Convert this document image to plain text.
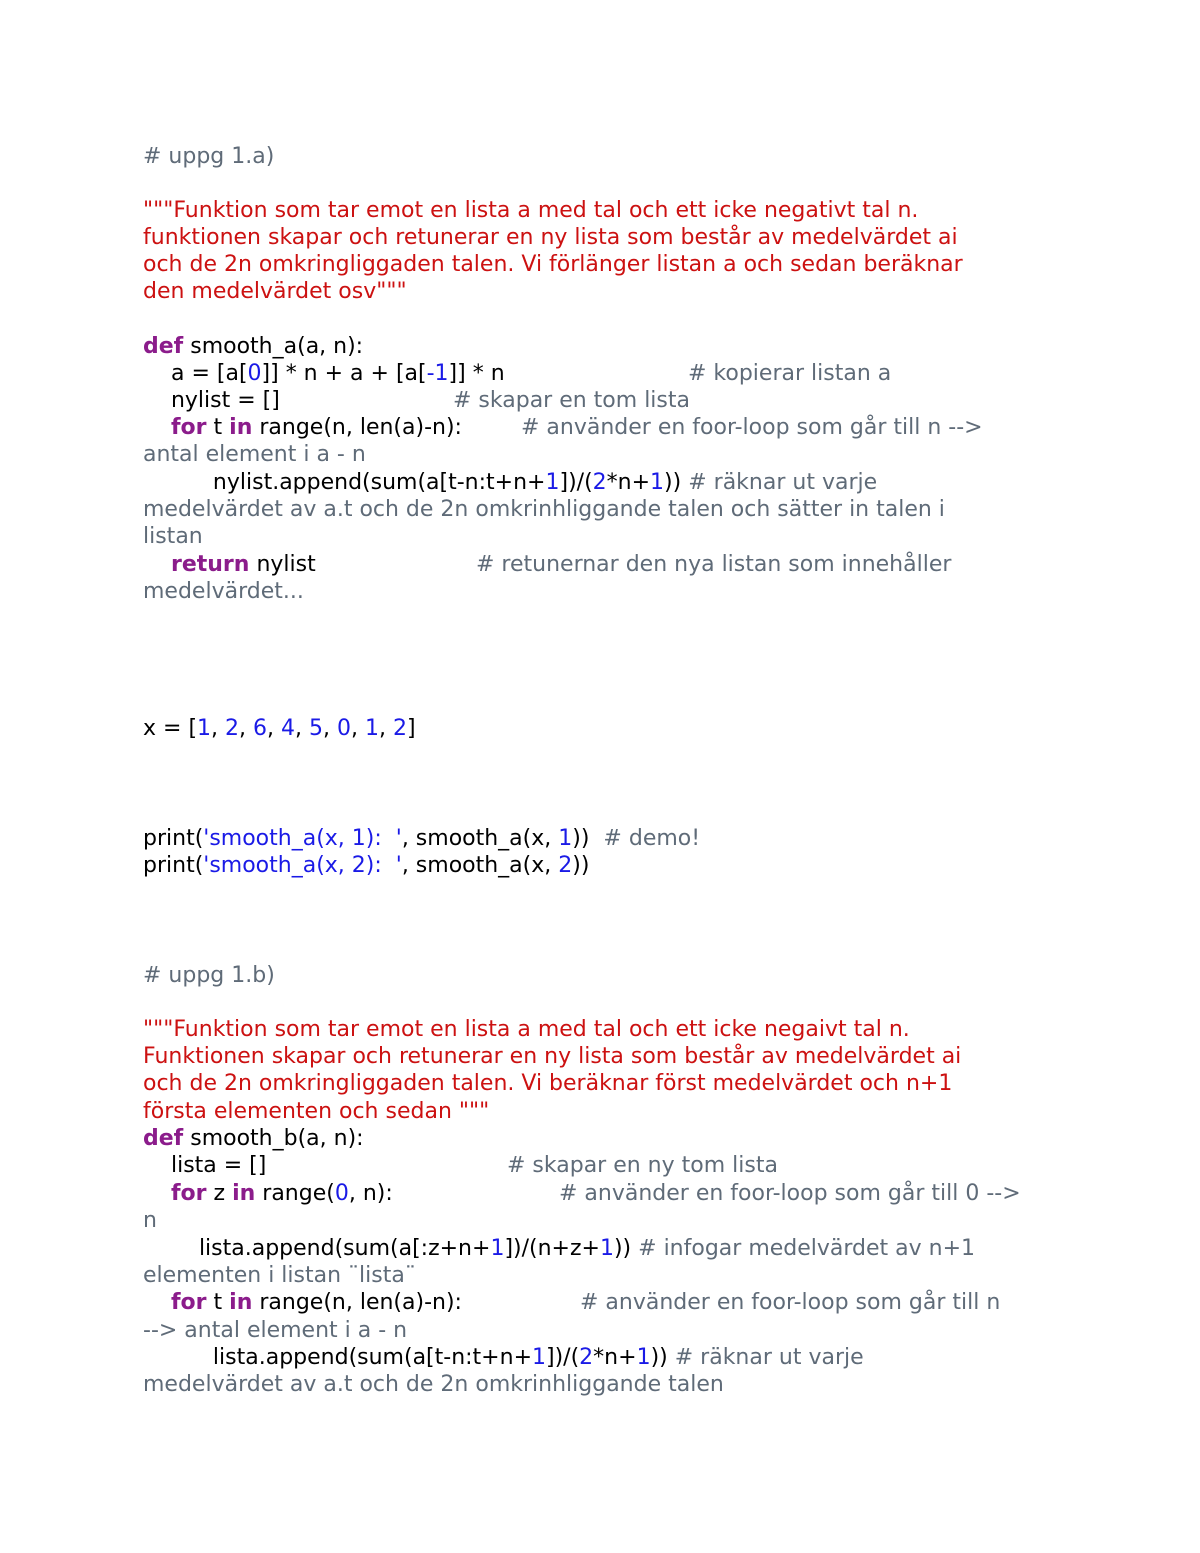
# uppg 1.a)
"""Funktion som tar emot en lista a med tal och ett icke negativt tal n.
funktionen skapar och retunerar en ny lista som består av medelvärdet ai
och de 2n omkringliggaden talen. Vi förlänger listan a och sedan beräknar
den medelvärdet osv"""
def smooth_a(a, n):
a = [a[0]] * n + a + [a[-1]] * n	# kopierar listan a
nylist = []	# skapar en tom lista
for t in range(n, len(a)-n):	# använder en foor-loop som går till n -->
antal element i a - n
nylist.append(sum(a[t-n:t+n+1])/(2*n+1)) # räknar ut varje
medelvärdet av a.t och de 2n omkrinhliggande talen och sätter in talen i
listan
return nylist	# retunernar den nya listan som innehåller
medelvärdet...
x = [1, 2, 6, 4, 5, 0, 1, 2]
print('smooth_a(x, 1):  ', smooth_a(x, 1))  # demo!
print('smooth_a(x, 2):  ', smooth_a(x, 2))
# uppg 1.b)
"""Funktion som tar emot en lista a med tal och ett icke negaivt tal n.
Funktionen skapar och retunerar en ny lista som består av medelvärdet ai
och de 2n omkringliggaden talen. Vi beräknar först medelvärdet och n+1
första elementen och sedan """
def smooth_b(a, n):
lista = []	# skapar en ny tom lista
for z in range(0, n):	# använder en foor-loop som går till 0 -->
n
lista.append(sum(a[:z+n+1])/(n+z+1)) # infogar medelvärdet av n+1
elementen i listan ¨lista¨
for t in range(n, len(a)-n):	# använder en foor-loop som går till n
--> antal element i a - n
lista.append(sum(a[t-n:t+n+1])/(2*n+1)) # räknar ut varje
medelvärdet av a.t och de 2n omkrinhliggande talen
